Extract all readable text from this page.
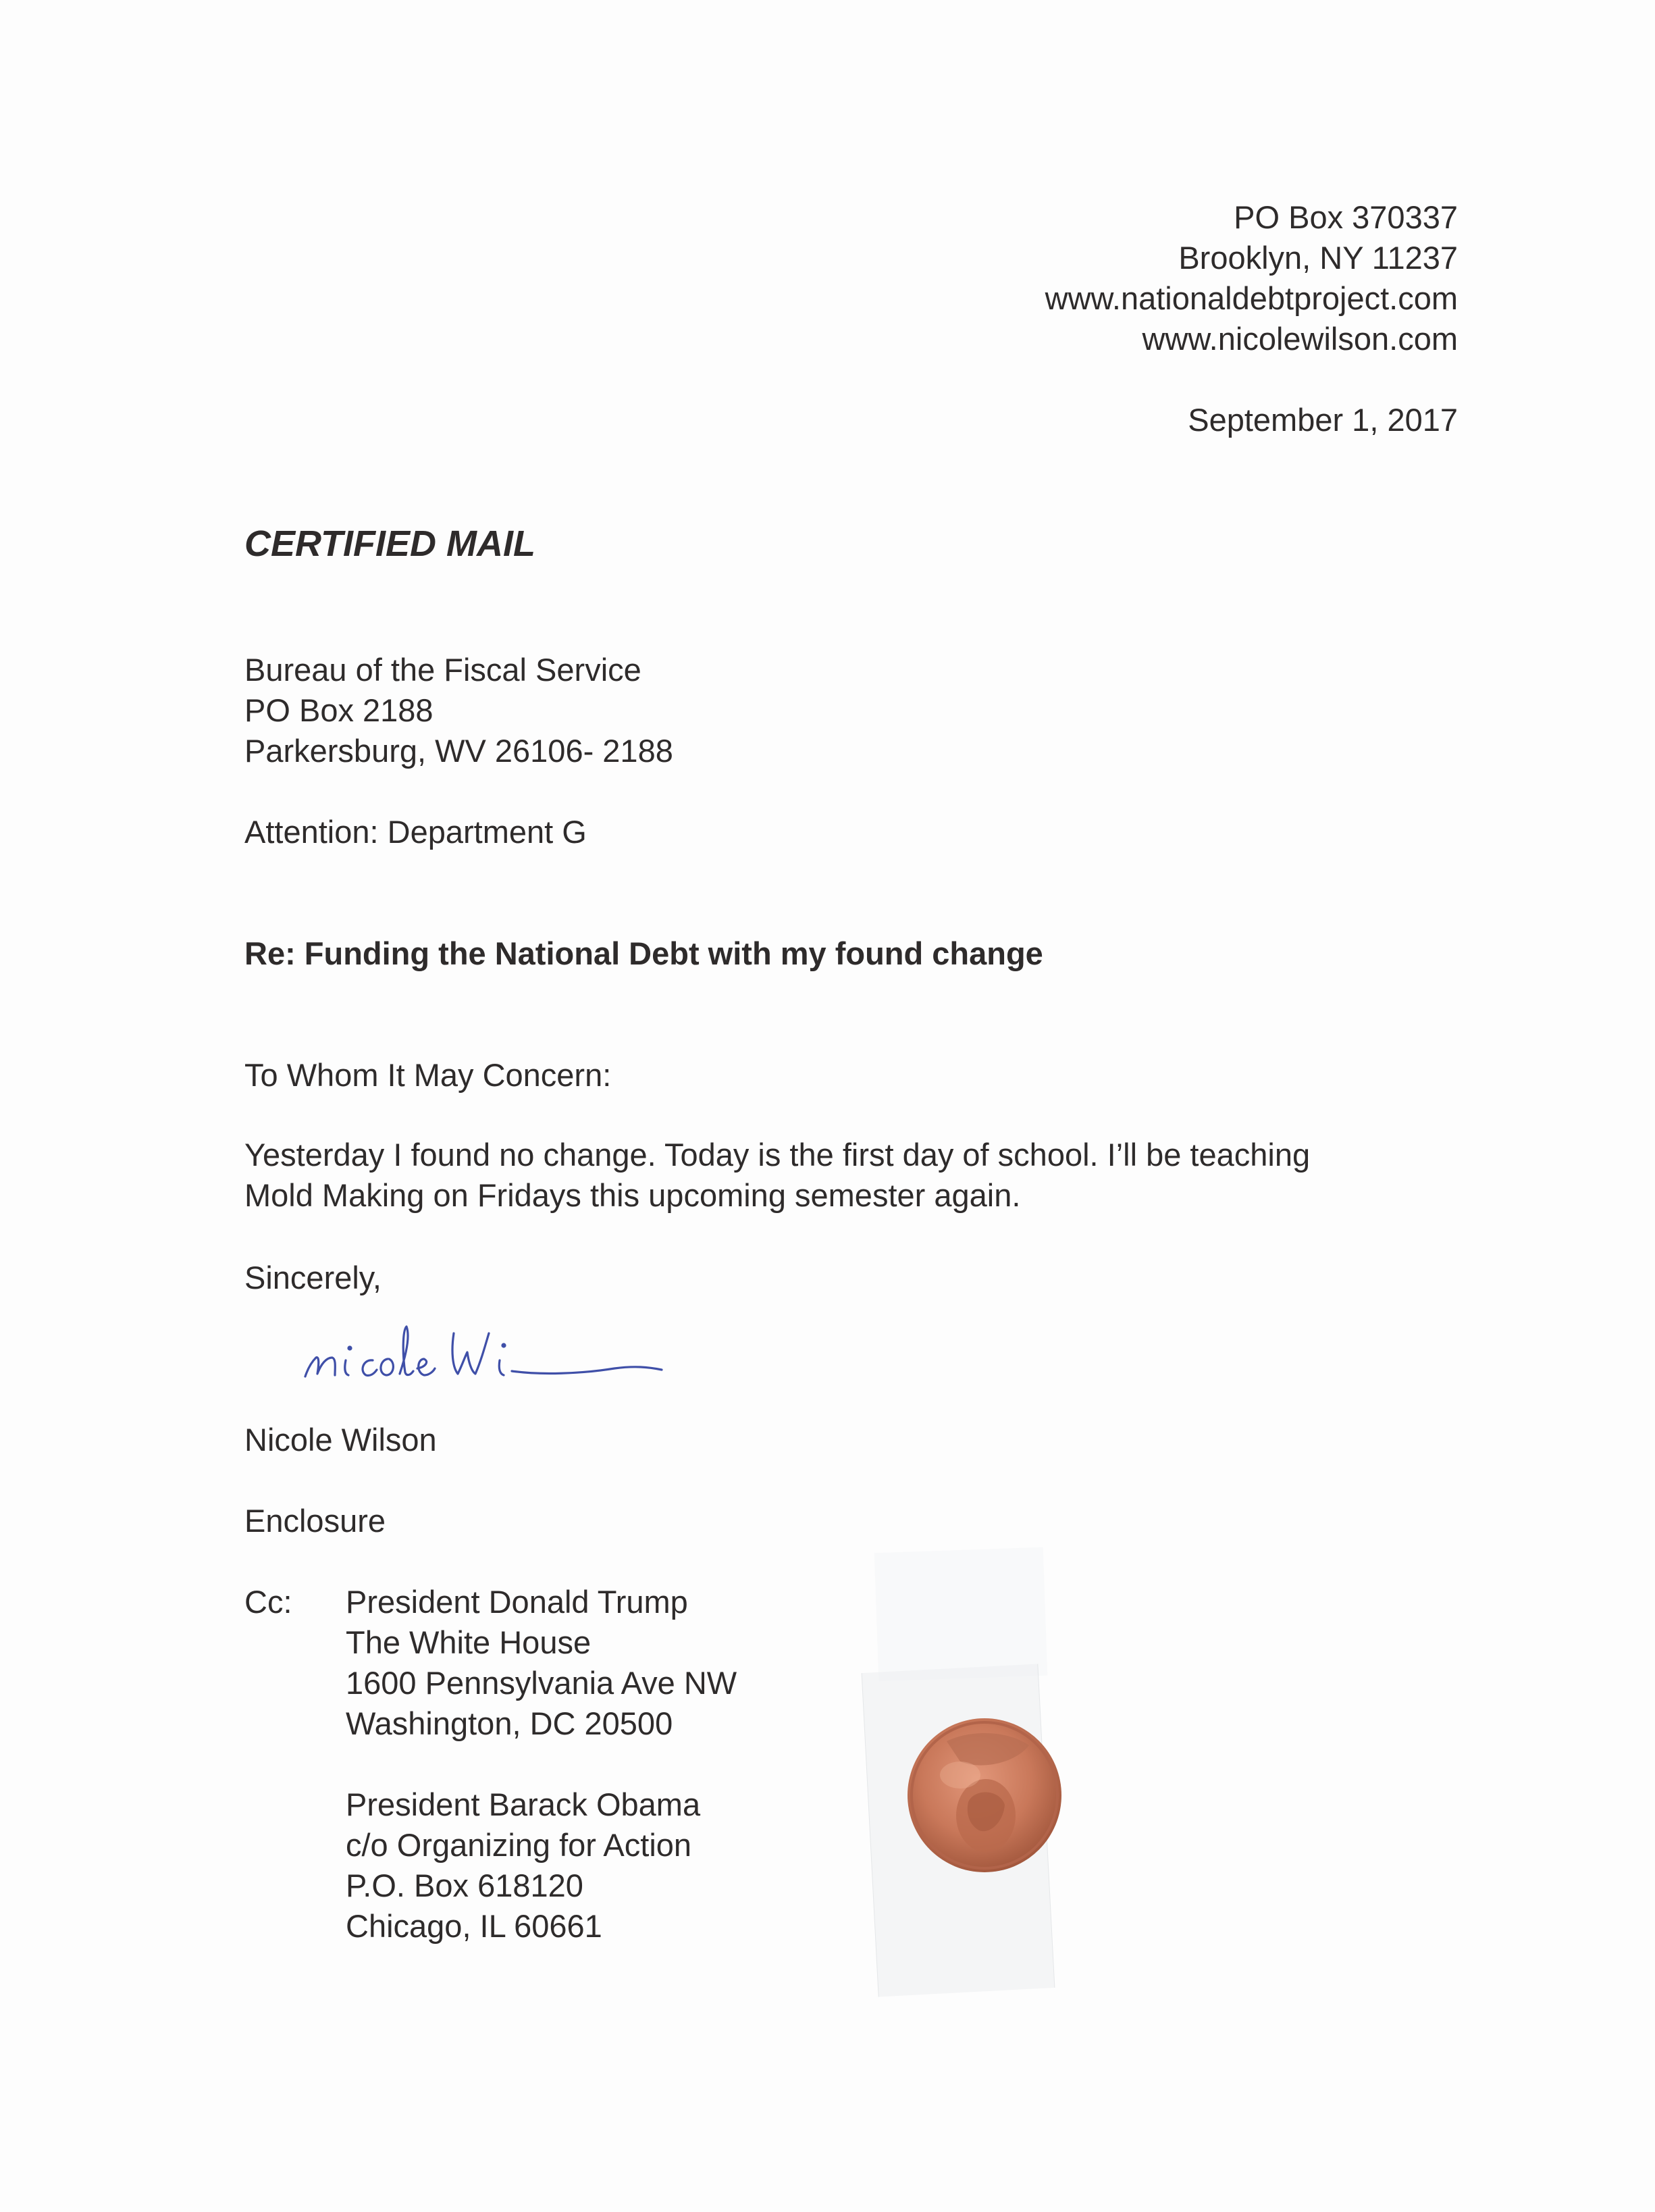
PO Box 370337
Brooklyn, NY 11237
www.nationaldebtproject.com
www.nicolewilson.com
September 1, 2017
CERTIFIED MAIL
Bureau of the Fiscal Service
PO Box 2188
Parkersburg, WV 26106- 2188
Attention: Department G
Re: Funding the National Debt with my found change
To Whom It May Concern:
Yesterday I found no change. Today is the first day of school. I’ll be teaching
Mold Making on Fridays this upcoming semester again.
Sincerely,
nicole wi
Nicole Wilson
Enclosure
Cc: President Donald Trump
The White House
1600 Pennsylvania Ave NW
Washington, DC 20500
President Barack Obama
c/o Organizing for Action
P.O. Box 618120
Chicago, IL 60661
